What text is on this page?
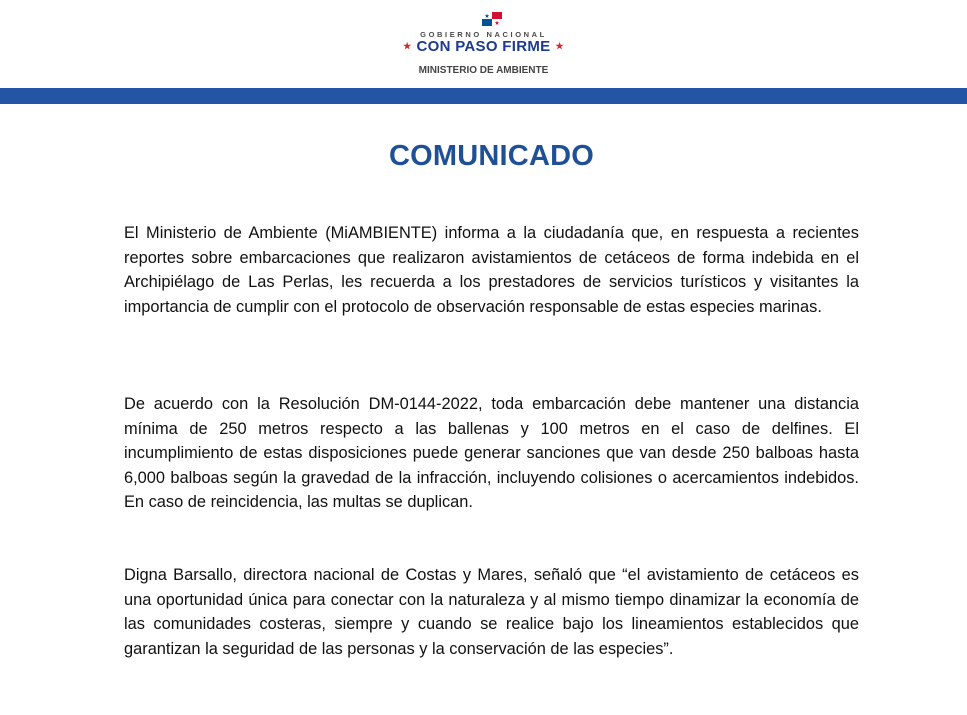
GOBIERNO NACIONAL
★ CON PASO FIRME ★
MINISTERIO DE AMBIENTE
COMUNICADO

El Ministerio de Ambiente (MiAMBIENTE) informa a la ciudadanía que, en respuesta a recientes reportes sobre embarcaciones que realizaron avistamientos de cetáceos de forma indebida en el Archipiélago de Las Perlas, les recuerda a los prestadores de servicios turísticos y visitantes la importancia de cumplir con el protocolo de observación responsable de estas especies marinas.

De acuerdo con la Resolución DM-0144-2022, toda embarcación debe mantener una distancia mínima de 250 metros respecto a las ballenas y 100 metros en el caso de delfines. El incumplimiento de estas disposiciones puede generar sanciones que van desde 250 balboas hasta 6,000 balboas según la gravedad de la infracción, incluyendo colisiones o acercamientos indebidos. En caso de reincidencia, las multas se duplican.

Digna Barsallo, directora nacional de Costas y Mares, señaló que “el avistamiento de cetáceos es una oportunidad única para conectar con la naturaleza y al mismo tiempo dinamizar la economía de las comunidades costeras, siempre y cuando se realice bajo los lineamientos establecidos que garantizan la seguridad de las personas y la conservación de las especies”.
